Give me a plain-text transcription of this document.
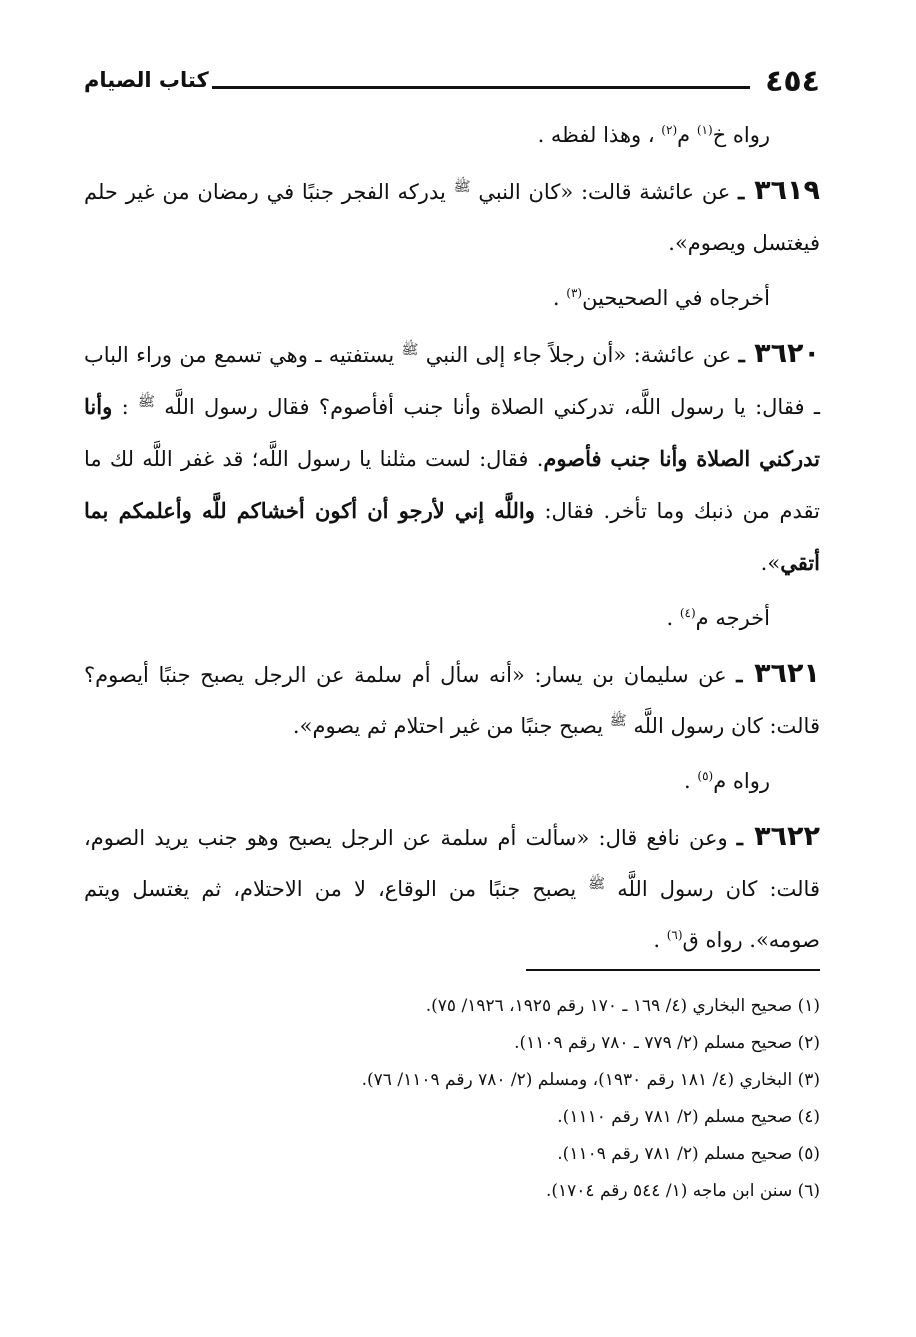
٤٥٤
كتاب الصيام

رواه خ$^{(١)}$ م$^{(٢)}$ ، وهذا لفظه .

٣٦١٩ ـ عن عائشة قالت: «كان النبي $^ﷺ$ يدركه الفجر جنبًا في رمضان من غير حلم فيغتسل ويصوم».

أخرجاه في الصحيحين$^{(٣)}$ .

٣٦٢٠ ـ عن عائشة: «أن رجلاً جاء إلى النبي $^ﷺ$ يستفتيه ـ وهي تسمع من وراء الباب ـ فقال: يا رسول اللَّه، تدركني الصلاة وأنا جنب أفأصوم؟ فقال رسول اللَّه $^ﷺ$ : وأنا تدركني الصلاة وأنا جنب فأصوم. فقال: لست مثلنا يا رسول اللَّه؛ قد غفر اللَّه لك ما تقدم من ذنبك وما تأخر. فقال: واللَّه إني لأرجو أن أكون أخشاكم للَّه وأعلمكم بما أتقي».

أخرجه م$^{(٤)}$ .

٣٦٢١ ـ عن سليمان بن يسار: «أنه سأل أم سلمة عن الرجل يصبح جنبًا أيصوم؟ قالت: كان رسول اللَّه $^ﷺ$ يصبح جنبًا من غير احتلام ثم يصوم».

رواه م$^{(٥)}$ .

٣٦٢٢ ـ وعن نافع قال: «سألت أم سلمة عن الرجل يصبح وهو جنب يريد الصوم، قالت: كان رسول اللَّه $^ﷺ$ يصبح جنبًا من الوقاع، لا من الاحتلام، ثم يغتسل ويتم صومه». رواه ق$^{(٦)}$ .

(١) صحيح البخاري (٤/ ١٦٩ ـ ١٧٠ رقم ١٩٢٥، ١٩٢٦/ ٧٥).

(٢) صحيح مسلم (٢/ ٧٧٩ ـ ٧٨٠ رقم ١١٠٩).

(٣) البخاري (٤/ ١٨١ رقم ١٩٣٠)، ومسلم (٢/ ٧٨٠ رقم ١١٠٩/ ٧٦).

(٤) صحيح مسلم (٢/ ٧٨١ رقم ١١١٠).

(٥) صحيح مسلم (٢/ ٧٨١ رقم ١١٠٩).

(٦) سنن ابن ماجه (١/ ٥٤٤ رقم ١٧٠٤).
